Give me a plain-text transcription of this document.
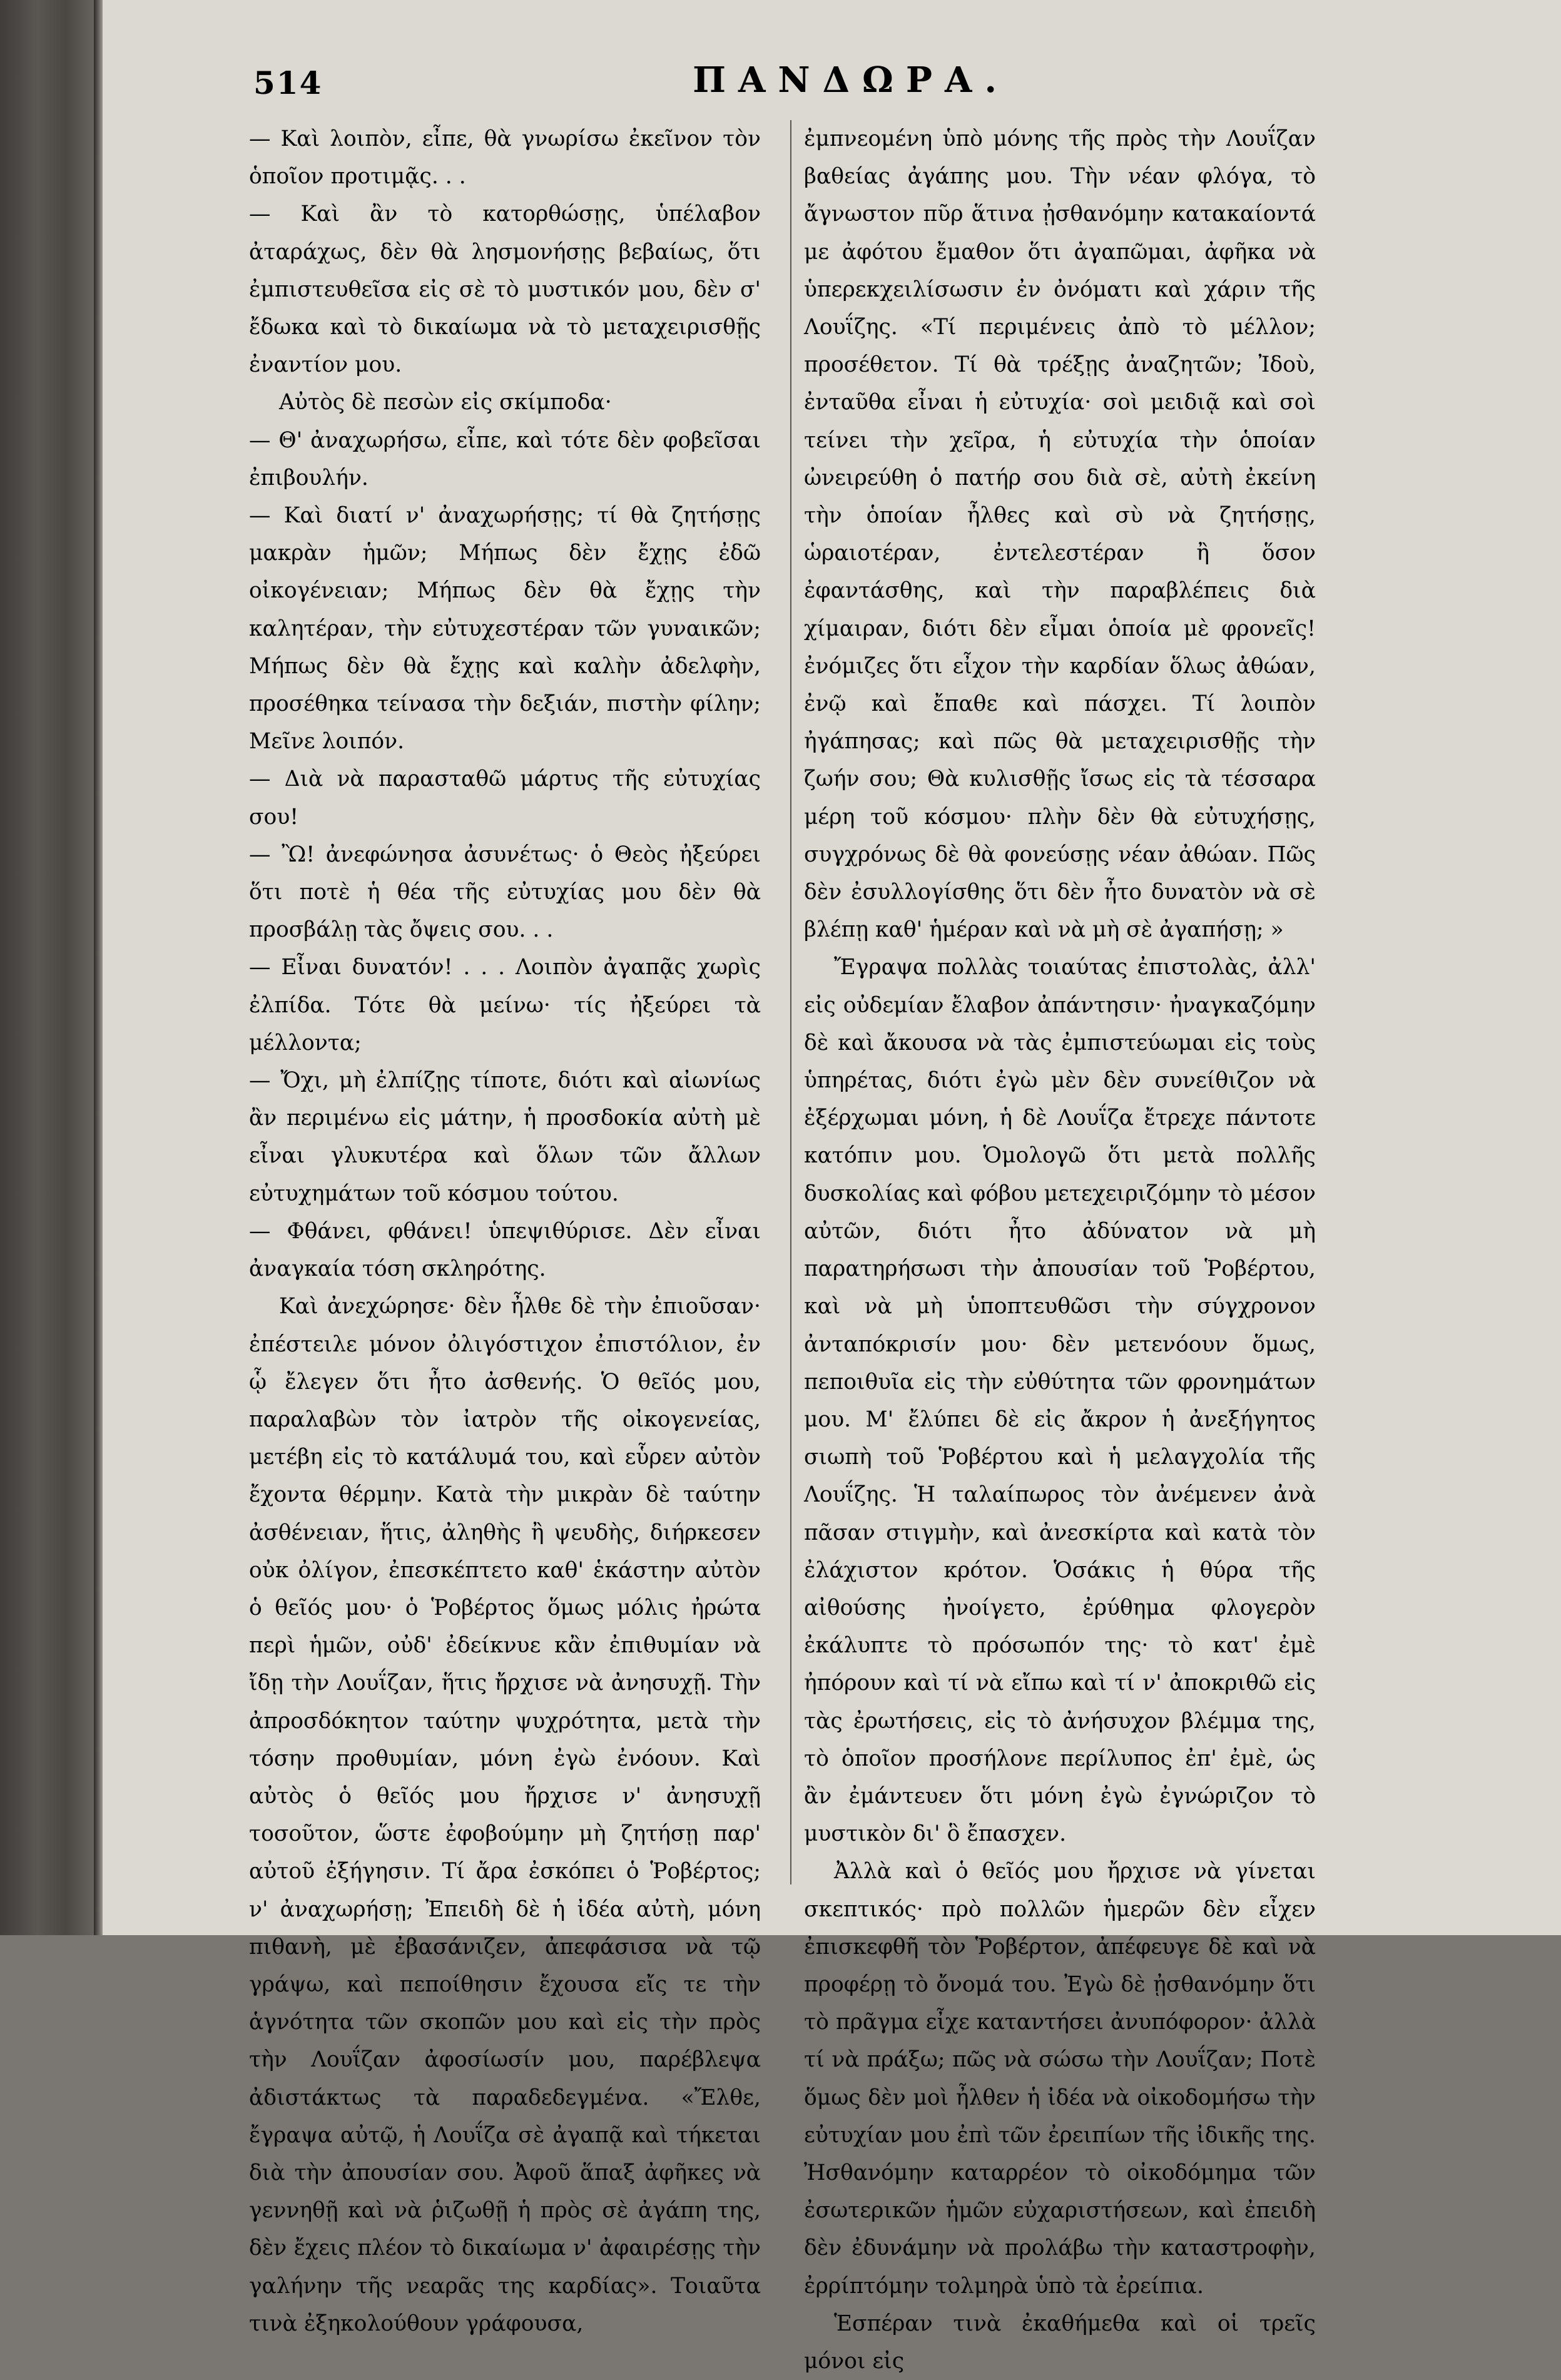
514	ΠΑΝΔΩΡΑ.

— Καὶ λοιπὸν, εἶπε, θὰ γνωρίσω ἐκεῖνον τὸν ὁποῖον προτιμᾷς. . .

— Καὶ ἂν τὸ κατορθώσῃς, ὑπέλαβον ἀταράχως, δὲν θὰ λησμονήσῃς βεβαίως, ὅτι ἐμπιστευθεῖσα εἰς σὲ τὸ μυστικόν μου, δὲν σ' ἔδωκα καὶ τὸ δικαίωμα νὰ τὸ μεταχειρισθῇς ἐναντίον μου.

Αὐτὸς δὲ πεσὼν εἰς σκίμποδα·

— Θ' ἀναχωρήσω, εἶπε, καὶ τότε δὲν φοβεῖσαι ἐπιβουλήν.

— Καὶ διατί ν' ἀναχωρήσῃς; τί θὰ ζητήσῃς μακρὰν ἡμῶν; Μήπως δὲν ἔχῃς ἐδῶ οἰκογένειαν; Μήπως δὲν θὰ ἔχῃς τὴν καλητέραν, τὴν εὐτυχεστέραν τῶν γυναικῶν; Μήπως δὲν θὰ ἔχῃς καὶ καλὴν ἀδελφὴν, προσέθηκα τείνασα τὴν δεξιάν, πιστὴν φίλην; Μεῖνε λοιπόν.

— Διὰ νὰ παρασταθῶ μάρτυς τῆς εὐτυχίας σου!

— Ὢ! ἀνεφώνησα ἀσυνέτως· ὁ Θεὸς ἠξεύρει ὅτι ποτὲ ἡ θέα τῆς εὐτυχίας μου δὲν θὰ προσβάλῃ τὰς ὄψεις σου. . .

— Εἶναι δυνατόν! . . . Λοιπὸν ἀγαπᾷς χωρὶς ἐλπίδα. Τότε θὰ μείνω· τίς ἠξεύρει τὰ μέλλοντα;

— Ὄχι, μὴ ἐλπίζῃς τίποτε, διότι καὶ αἰωνίως ἂν περιμένω εἰς μάτην, ἡ προσδοκία αὐτὴ μὲ εἶναι γλυκυτέρα καὶ ὅλων τῶν ἄλλων εὐτυχημάτων τοῦ κόσμου τούτου.

— Φθάνει, φθάνει! ὑπεψιθύρισε. Δὲν εἶναι ἀναγκαία τόση σκληρότης.

Καὶ ἀνεχώρησε· δὲν ἦλθε δὲ τὴν ἐπιοῦσαν· ἐπέστειλε μόνον ὀλιγόστιχον ἐπιστόλιον, ἐν ᾧ ἔλεγεν ὅτι ἦτο ἀσθενής. Ὁ θεῖός μου, παραλαβὼν τὸν ἰατρὸν τῆς οἰκογενείας, μετέβη εἰς τὸ κατάλυμά του, καὶ εὗρεν αὐτὸν ἔχοντα θέρμην. Κατὰ τὴν μικρὰν δὲ ταύτην ἀσθένειαν, ἥτις, ἀληθὴς ἢ ψευδὴς, διήρκεσεν οὐκ ὀλίγον, ἐπεσκέπτετο καθ' ἑκάστην αὐτὸν ὁ θεῖός μου· ὁ Ῥοβέρτος ὅμως μόλις ἠρώτα περὶ ἡμῶν, οὐδ' ἐδείκνυε κἂν ἐπιθυμίαν νὰ ἴδῃ τὴν Λουΐζαν, ἥτις ἤρχισε νὰ ἀνησυχῇ. Τὴν ἀπροσδόκητον ταύτην ψυχρότητα, μετὰ τὴν τόσην προθυμίαν, μόνη ἐγὼ ἐνόουν. Καὶ αὐτὸς ὁ θεῖός μου ἤρχισε ν' ἀνησυχῇ τοσοῦτον, ὥστε ἐφοβούμην μὴ ζητήσῃ παρ' αὐτοῦ ἐξήγησιν. Τί ἄρα ἐσκόπει ὁ Ῥοβέρτος; ν' ἀναχωρήσῃ; Ἐπειδὴ δὲ ἡ ἰδέα αὐτὴ, μόνη πιθανὴ, μὲ ἐβασάνιζεν, ἀπεφάσισα νὰ τῷ γράψω, καὶ πεποίθησιν ἔχουσα εἴς τε τὴν ἁγνότητα τῶν σκοπῶν μου καὶ εἰς τὴν πρὸς τὴν Λουΐζαν ἀφοσίωσίν μου, παρέβλεψα ἀδιστάκτως τὰ παραδεδεγμένα. «Ἔλθε, ἔγραψα αὐτῷ, ἡ Λουΐζα σὲ ἀγαπᾷ καὶ τήκεται διὰ τὴν ἀπουσίαν σου. Ἀφοῦ ἅπαξ ἀφῆκες νὰ γεννηθῇ καὶ νὰ ῥιζωθῇ ἡ πρὸς σὲ ἀγάπη της, δὲν ἔχεις πλέον τὸ δικαίωμα ν' ἀφαιρέσῃς τὴν γαλήνην τῆς νεαρᾶς της καρδίας». Τοιαῦτα τινὰ ἐξηκολούθουν γράφουσα,

ἐμπνεομένη ὑπὸ μόνης τῆς πρὸς τὴν Λουΐζαν βαθείας ἀγάπης μου. Τὴν νέαν φλόγα, τὸ ἄγνωστον πῦρ ἅτινα ᾐσθανόμην κατακαίοντά με ἀφότου ἔμαθον ὅτι ἀγαπῶμαι, ἀφῆκα νὰ ὑπερεκχειλίσωσιν ἐν ὀνόματι καὶ χάριν τῆς Λουΐζης. «Τί περιμένεις ἀπὸ τὸ μέλλον; προσέθετον. Τί θὰ τρέξῃς ἀναζητῶν; Ἰδοὺ, ἐνταῦθα εἶναι ἡ εὐτυχία· σοὶ μειδιᾷ καὶ σοὶ τείνει τὴν χεῖρα, ἡ εὐτυχία τὴν ὁποίαν ὠνειρεύθη ὁ πατήρ σου διὰ σὲ, αὐτὴ ἐκείνη τὴν ὁποίαν ἦλθες καὶ σὺ νὰ ζητήσῃς, ὡραιοτέραν, ἐντελεστέραν ἢ ὅσον ἐφαντάσθης, καὶ τὴν παραβλέπεις διὰ χίμαιραν, διότι δὲν εἶμαι ὁποία μὲ φρονεῖς! ἐνόμιζες ὅτι εἶχον τὴν καρδίαν ὅλως ἀθώαν, ἐνῷ καὶ ἔπαθε καὶ πάσχει. Τί λοιπὸν ἠγάπησας; καὶ πῶς θὰ μεταχειρισθῇς τὴν ζωήν σου; Θὰ κυλισθῇς ἴσως εἰς τὰ τέσσαρα μέρη τοῦ κόσμου· πλὴν δὲν θὰ εὐτυχήσῃς, συγχρόνως δὲ θὰ φονεύσῃς νέαν ἀθώαν. Πῶς δὲν ἐσυλλογίσθης ὅτι δὲν ἦτο δυνατὸν νὰ σὲ βλέπῃ καθ' ἡμέραν καὶ νὰ μὴ σὲ ἀγαπήσῃ; »

Ἔγραψα πολλὰς τοιαύτας ἐπιστολὰς, ἀλλ' εἰς οὐδεμίαν ἔλαβον ἀπάντησιν· ἠναγκαζόμην δὲ καὶ ἄκουσα νὰ τὰς ἐμπιστεύωμαι εἰς τοὺς ὑπηρέτας, διότι ἐγὼ μὲν δὲν συνείθιζον νὰ ἐξέρχωμαι μόνη, ἡ δὲ Λουΐζα ἔτρεχε πάντοτε κατόπιν μου. Ὁμολογῶ ὅτι μετὰ πολλῆς δυσκολίας καὶ φόβου μετεχειριζόμην τὸ μέσον αὐτῶν, διότι ἦτο ἀδύνατον νὰ μὴ παρατηρήσωσι τὴν ἀπουσίαν τοῦ Ῥοβέρτου, καὶ νὰ μὴ ὑποπτευθῶσι τὴν σύγχρονον ἀνταπόκρισίν μου· δὲν μετενόουν ὅμως, πεποιθυῖα εἰς τὴν εὐθύτητα τῶν φρονημάτων μου. Μ' ἔλύπει δὲ εἰς ἄκρον ἡ ἀνεξήγητος σιωπὴ τοῦ Ῥοβέρτου καὶ ἡ μελαγχολία τῆς Λουΐζης. Ἡ ταλαίπωρος τὸν ἀνέμενεν ἀνὰ πᾶσαν στιγμὴν, καὶ ἀνεσκίρτα καὶ κατὰ τὸν ἐλάχιστον κρότον. Ὁσάκις ἡ θύρα τῆς αἰθούσης ἠνοίγετο, ἐρύθημα φλογερὸν ἐκάλυπτε τὸ πρόσωπόν της· τὸ κατ' ἐμὲ ἠπόρουν καὶ τί νὰ εἴπω καὶ τί ν' ἀποκριθῶ εἰς τὰς ἐρωτήσεις, εἰς τὸ ἀνήσυχον βλέμμα της, τὸ ὁποῖον προσήλονε περίλυπος ἐπ' ἐμὲ, ὡς ἂν ἐμάντευεν ὅτι μόνη ἐγὼ ἐγνώριζον τὸ μυστικὸν δι' ὃ ἔπασχεν.

Ἀλλὰ καὶ ὁ θεῖός μου ἤρχισε νὰ γίνεται σκεπτικός· πρὸ πολλῶν ἡμερῶν δὲν εἶχεν ἐπισκεφθῆ τὸν Ῥοβέρτον, ἀπέφευγε δὲ καὶ νὰ προφέρῃ τὸ ὄνομά του. Ἐγὼ δὲ ᾐσθανόμην ὅτι τὸ πρᾶγμα εἶχε καταντήσει ἀνυπόφορον· ἀλλὰ τί νὰ πράξω; πῶς νὰ σώσω τὴν Λουΐζαν; Ποτὲ ὅμως δὲν μοὶ ἦλθεν ἡ ἰδέα νὰ οἰκοδομήσω τὴν εὐτυχίαν μου ἐπὶ τῶν ἐρειπίων τῆς ἰδικῆς της. Ἠσθανόμην καταρρέον τὸ οἰκοδόμημα τῶν ἐσωτερικῶν ἡμῶν εὐχαριστήσεων, καὶ ἐπειδὴ δὲν ἐδυνάμην νὰ προλάβω τὴν καταστροφὴν, ἐρρίπτόμην τολμηρὰ ὑπὸ τὰ ἐρείπια.

Ἑσπέραν τινὰ ἐκαθήμεθα καὶ οἱ τρεῖς μόνοι εἰς
